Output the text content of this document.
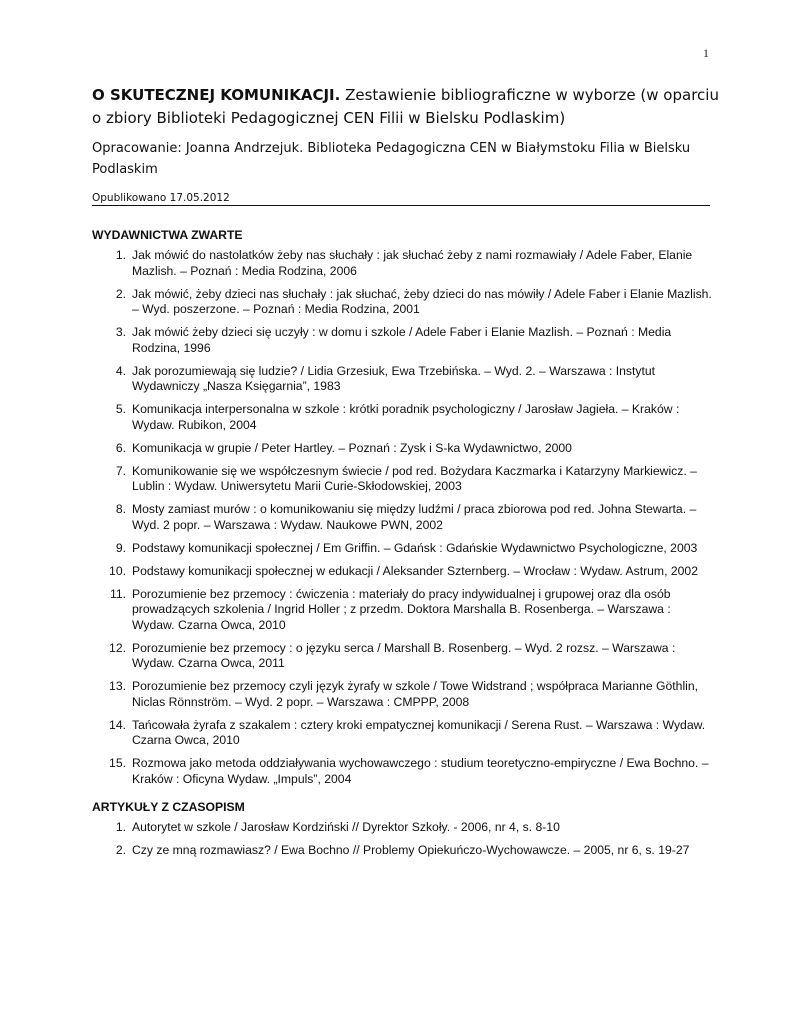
1

O SKUTECZNEJ KOMUNIKACJI. Zestawienie bibliograficzne w wyborze (w oparciu o zbiory Biblioteki Pedagogicznej CEN Filii w Bielsku Podlaskim)

Opracowanie: Joanna Andrzejuk. Biblioteka Pedagogiczna CEN w Białymstoku Filia w Bielsku Podlaskim

Opublikowano 17.05.2012

WYDAWNICTWA ZWARTE

1. Jak mówić do nastolatków żeby nas słuchały : jak słuchać żeby z nami rozmawiały / Adele Faber, Elanie Mazlish. – Poznań : Media Rodzina, 2006
2. Jak mówić, żeby dzieci nas słuchały : jak słuchać, żeby dzieci do nas mówiły / Adele Faber i Elanie Mazlish. – Wyd. poszerzone. – Poznań : Media Rodzina, 2001
3. Jak mówić żeby dzieci się uczyły : w domu i szkole / Adele Faber i Elanie Mazlish. – Poznań : Media Rodzina, 1996
4. Jak porozumiewają się ludzie? / Lidia Grzesiuk, Ewa Trzebińska. – Wyd. 2. – Warszawa : Instytut Wydawniczy „Nasza Księgarnia”, 1983
5. Komunikacja interpersonalna w szkole : krótki poradnik psychologiczny / Jarosław Jagieła. – Kraków : Wydaw. Rubikon, 2004
6. Komunikacja w grupie / Peter Hartley. – Poznań : Zysk i S-ka Wydawnictwo, 2000
7. Komunikowanie się we współczesnym świecie / pod red. Bożydara Kaczmarka i Katarzyny Markiewicz. – Lublin : Wydaw. Uniwersytetu Marii Curie-Skłodowskiej, 2003
8. Mosty zamiast murów : o komunikowaniu się między ludźmi / praca zbiorowa pod red. Johna Stewarta. – Wyd. 2 popr. – Warszawa : Wydaw. Naukowe PWN, 2002
9. Podstawy komunikacji społecznej / Em Griffin. – Gdańsk : Gdańskie Wydawnictwo Psychologiczne, 2003
10. Podstawy komunikacji społecznej w edukacji / Aleksander Szternberg. – Wrocław : Wydaw. Astrum, 2002
11. Porozumienie bez przemocy : ćwiczenia : materiały do pracy indywidualnej i grupowej oraz dla osób prowadzących szkolenia / Ingrid Holler ; z przedm. Doktora Marshalla B. Rosenberga. – Warszawa : Wydaw. Czarna Owca, 2010
12. Porozumienie bez przemocy : o języku serca / Marshall B. Rosenberg. – Wyd. 2 rozsz. – Warszawa : Wydaw. Czarna Owca, 2011
13. Porozumienie bez przemocy czyli język żyrafy w szkole / Towe Widstrand ; współpraca Marianne Göthlin, Niclas Rönnström. – Wyd. 2 popr. – Warszawa : CMPPP, 2008
14. Tańcowała żyrafa z szakalem : cztery kroki empatycznej komunikacji / Serena Rust. – Warszawa : Wydaw. Czarna Owca, 2010
15. Rozmowa jako metoda oddziaływania wychowawczego : studium teoretyczno-empiryczne / Ewa Bochno. – Kraków : Oficyna Wydaw. „Impuls”, 2004

ARTYKUŁY Z CZASOPISM

1. Autorytet w szkole / Jarosław Kordziński // Dyrektor Szkoły. - 2006, nr 4, s. 8-10
2. Czy ze mną rozmawiasz? / Ewa Bochno // Problemy Opiekuńczo-Wychowawcze. – 2005, nr 6, s. 19-27
